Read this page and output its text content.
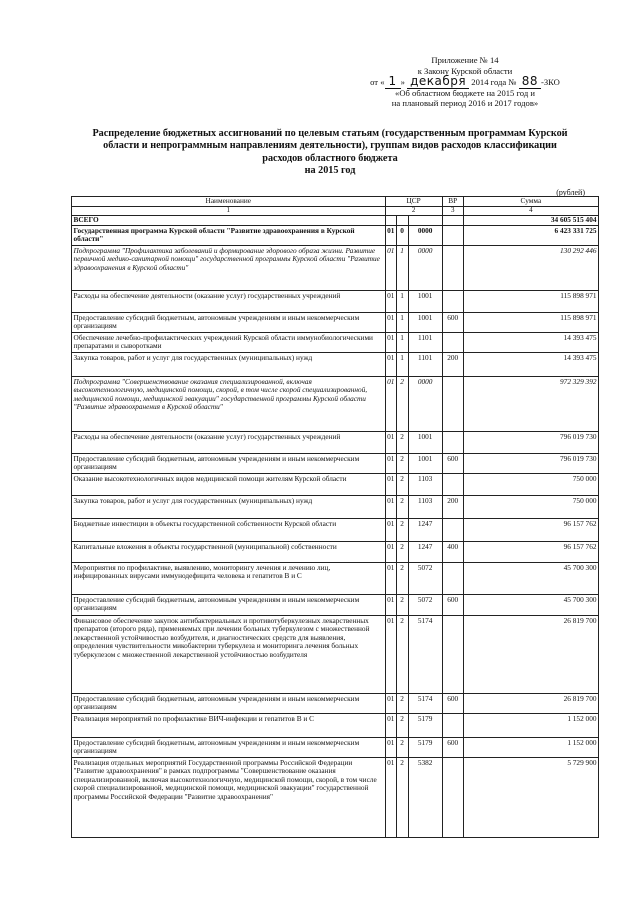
Приложение № 14
к Закону Курской области
от « 1 » декабря 2014 года № 88 -ЗКО
«Об областном бюджете на 2015 год и
на плановый период 2016 и 2017 годов»
Распределение бюджетных ассигнований по целевым статьям (государственным программам Курской
области и непрограммным направлениям деятельности), группам видов расходов классификации
расходов областного бюджета
на 2015 год
(рублей)
Наименование	ЦСР			ВР	Сумма
1	2			3	4
ВСЕГО					34 605 515 404
Государственная программа Курской области "Развитие здравоохранения в Курской области"	01	0	0000		6 423 331 725
Подпрограмма "Профилактика заболеваний и формирование здорового образа жизни. Развитие первичной медико-санитарной помощи" государственной программы Курской области "Развитие здравоохранения в Курской области"	01	1	0000		130 292 446
Расходы на обеспечение деятельности (оказание услуг) государственных учреждений	01	1	1001		115 898 971
Предоставление субсидий бюджетным, автономным учреждениям и иным некоммерческим организациям	01	1	1001	600	115 898 971
Обеспечение лечебно-профилактических учреждений Курской области иммунобиологическими препаратами и сыворотками	01	1	1101		14 393 475
Закупка товаров, работ и услуг для государственных (муниципальных) нужд	01	1	1101	200	14 393 475
Подпрограмма "Совершенствование оказания специализированной, включая высокотехнологичную, медицинской помощи, скорой, в том числе скорой специализированной, медицинской помощи, медицинской эвакуации" государственной программы Курской области "Развитие здравоохранения в Курской области"	01	2	0000		972 329 392
Расходы на обеспечение деятельности (оказание услуг) государственных учреждений	01	2	1001		796 019 730
Предоставление субсидий бюджетным, автономным учреждениям и иным некоммерческим организациям	01	2	1001	600	796 019 730
Оказание высокотехнологичных видов медицинской помощи жителям Курской области	01	2	1103		750 000
Закупка товаров, работ и услуг для государственных (муниципальных) нужд	01	2	1103	200	750 000
Бюджетные инвестиции в объекты государственной собственности Курской области	01	2	1247		96 157 762
Капитальные вложения в объекты государственной (муниципальной) собственности	01	2	1247	400	96 157 762
Мероприятия по профилактике, выявлению, мониторингу лечения и лечению лиц, инфицированных вирусами иммунодефицита человека и гепатитов В и С	01	2	5072		45 700 300
Предоставление субсидий бюджетным, автономным учреждениям и иным некоммерческим организациям	01	2	5072	600	45 700 300
Финансовое обеспечение закупок антибактериальных и противотуберкулезных лекарственных препаратов (второго ряда), применяемых при лечении больных туберкулезом с множественной лекарственной устойчивостью возбудителя, и диагностических средств для выявления, определения чувствительности микобактерии туберкулеза и мониторинга лечения больных туберкулезом с множественной лекарственной устойчивостью возбудителя	01	2	5174		26 819 700
Предоставление субсидий бюджетным, автономным учреждениям и иным некоммерческим организациям	01	2	5174	600	26 819 700
Реализация мероприятий по профилактике ВИЧ-инфекции и гепатитов В и С	01	2	5179		1 152 000
Предоставление субсидий бюджетным, автономным учреждениям и иным некоммерческим организациям	01	2	5179	600	1 152 000
Реализация отдельных мероприятий Государственной программы Российской Федерации "Развитие здравоохранения" в рамках подпрограммы "Совершенствование оказания специализированной, включая высокотехнологичную, медицинской помощи, скорой, в том числе скорой специализированной, медицинской помощи, медицинской эвакуации" государственной программы Российской Федерации "Развитие здравоохранения"	01	2	5382		5 729 900
